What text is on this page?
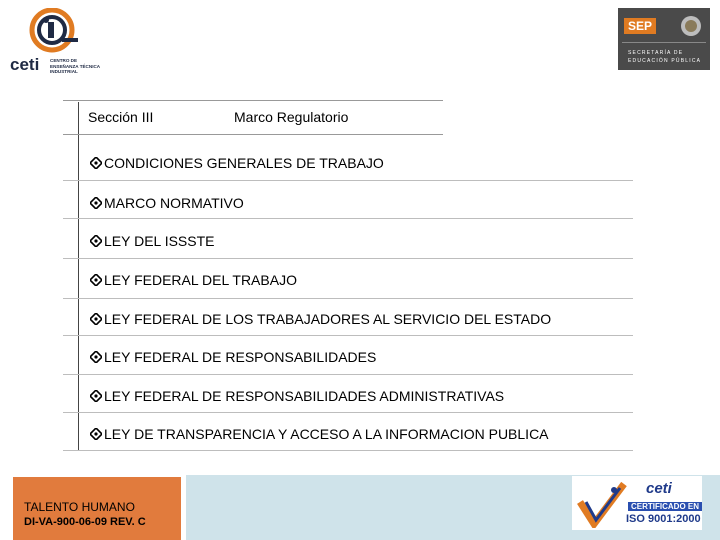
ceti CENTRO DE ENSEÑANZA TÉCNICA INDUSTRIAL
SEP
SECRETARÍA DE
EDUCACIÓN PÚBLICA
Sección III	Marco Regulatorio
CONDICIONES GENERALES DE TRABAJO
MARCO NORMATIVO
LEY DEL ISSSTE
LEY FEDERAL DEL TRABAJO
LEY FEDERAL DE LOS TRABAJADORES AL SERVICIO DEL ESTADO
LEY FEDERAL DE RESPONSABILIDADES
LEY FEDERAL DE RESPONSABILIDADES ADMINISTRATIVAS
LEY DE TRANSPARENCIA Y ACCESO A LA INFORMACION PUBLICA
TALENTO HUMANO
DI-VA-900-06-09 REV. C
ceti
CERTIFICADO EN
ISO 9001:2000
